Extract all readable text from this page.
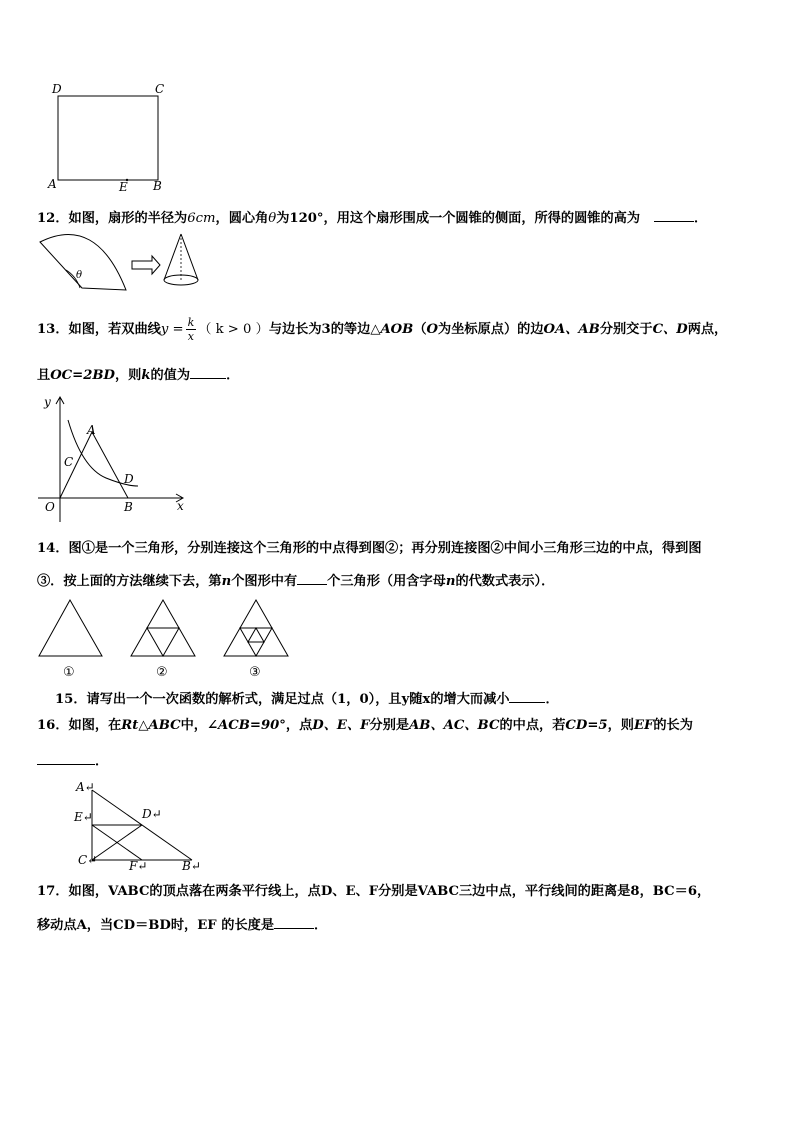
D	C
A	E B
12．如图，扇形的半径为6cm，圆心角θ为120°，用这个扇形围成一个圆锥的侧面，所得的圆锥的高为	．
θ
13．如图，若双曲线$y = \frac{k}{x}$ （ k > 0 ）与边长为3的等边△AOB（O为坐标原点）的边OA、AB分别交于C、D两点，
且OC=2BD，则k的值为	．
y
x
A
C
D
O	B
14．图①是一个三角形，分别连接这个三角形的中点得到图②；再分别连接图②中间小三角形三边的中点，得到图
③．按上面的方法继续下去，第n个图形中有 个三角形（用含字母n的代数式表示）．
①	②	③
15．请写出一个一次函数的解析式，满足过点（1，0），且y随x的增大而减小	．
16．如图，在Rt△ABC中，∠ACB=90°，点D、E、F分别是AB、AC、BC的中点，若CD=5，则EF的长为
．
A↵
D↵
E↵
C↵	F↵	B↵
17．如图，VABC的顶点落在两条平行线上，点D、E、F分别是VABC三边中点，平行线间的距离是8，BC＝6，
移动点A，当CD＝BD时，EF 的长度是	．
